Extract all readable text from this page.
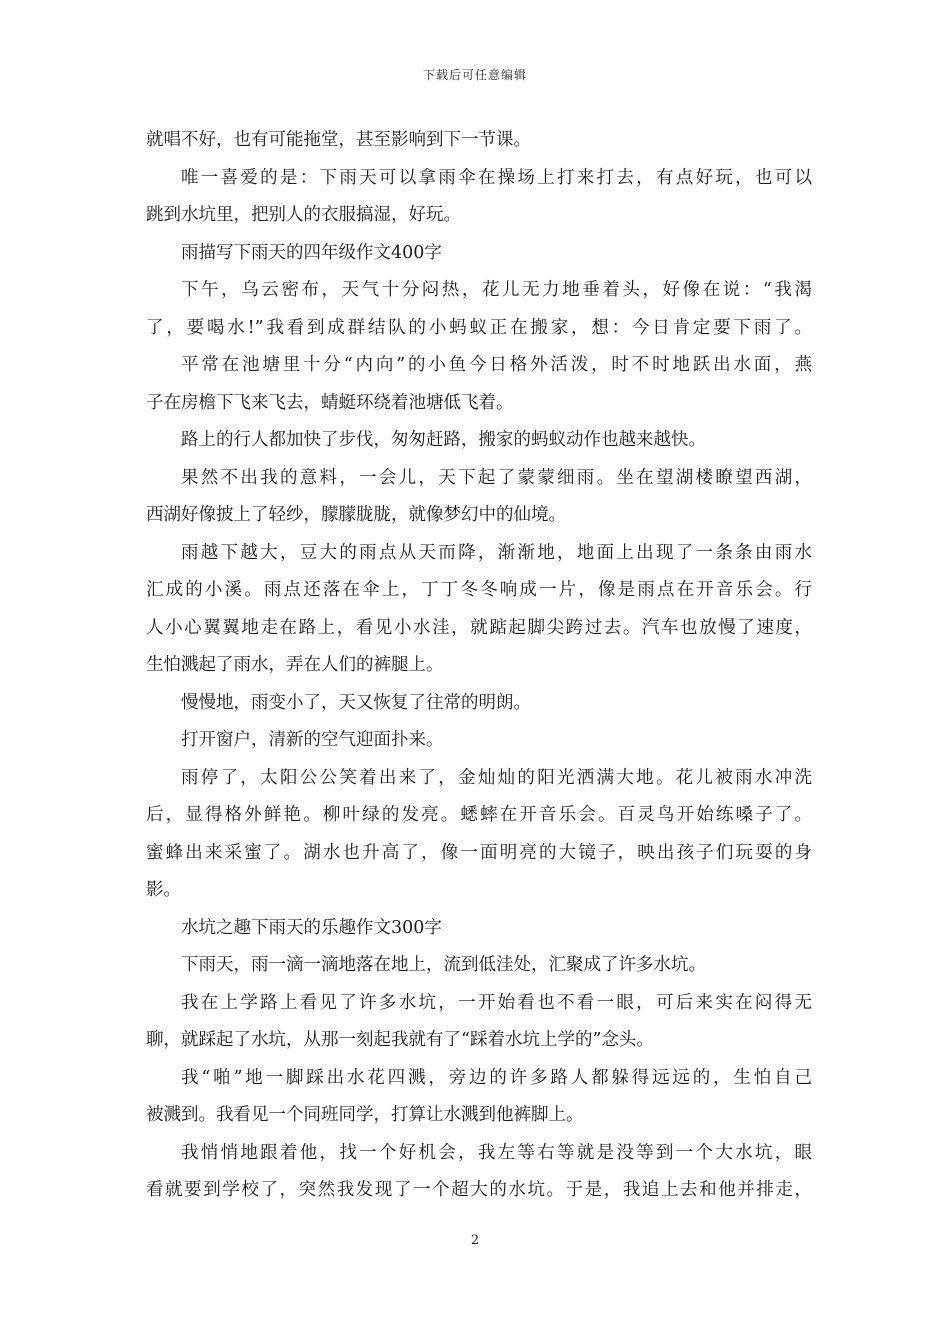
下载后可任意编辑
就唱不好，也有可能拖堂，甚至影响到下一节课。
唯一喜爱的是：下雨天可以拿雨伞在操场上打来打去，有点好玩，也可以
跳到水坑里，把别人的衣服搞湿，好玩。
雨描写下雨天的四年级作文400字
下午，乌云密布，天气十分闷热，花儿无力地垂着头，好像在说：“我渴
了，要喝水!”我看到成群结队的小蚂蚁正在搬家，想：今日肯定要下雨了。
平常在池塘里十分“内向”的小鱼今日格外活泼，时不时地跃出水面，燕
子在房檐下飞来飞去，蜻蜓环绕着池塘低飞着。
路上的行人都加快了步伐，匆匆赶路，搬家的蚂蚁动作也越来越快。
果然不出我的意料，一会儿，天下起了蒙蒙细雨。坐在望湖楼瞭望西湖，
西湖好像披上了轻纱，朦朦胧胧，就像梦幻中的仙境。
雨越下越大，豆大的雨点从天而降，渐渐地，地面上出现了一条条由雨水
汇成的小溪。雨点还落在伞上，丁丁冬冬响成一片，像是雨点在开音乐会。行
人小心翼翼地走在路上，看见小水洼，就踮起脚尖跨过去。汽车也放慢了速度，
生怕溅起了雨水，弄在人们的裤腿上。
慢慢地，雨变小了，天又恢复了往常的明朗。
打开窗户，清新的空气迎面扑来。
雨停了，太阳公公笑着出来了，金灿灿的阳光洒满大地。花儿被雨水冲洗
后，显得格外鲜艳。柳叶绿的发亮。蟋蟀在开音乐会。百灵鸟开始练嗓子了。
蜜蜂出来采蜜了。湖水也升高了，像一面明亮的大镜子，映出孩子们玩耍的身
影。
水坑之趣下雨天的乐趣作文300字
下雨天，雨一滴一滴地落在地上，流到低洼处，汇聚成了许多水坑。
我在上学路上看见了许多水坑，一开始看也不看一眼，可后来实在闷得无
聊，就踩起了水坑，从那一刻起我就有了“踩着水坑上学的”念头。
我“啪”地一脚踩出水花四溅，旁边的许多路人都躲得远远的，生怕自己
被溅到。我看见一个同班同学，打算让水溅到他裤脚上。
我悄悄地跟着他，找一个好机会，我左等右等就是没等到一个大水坑，眼
看就要到学校了，突然我发现了一个超大的水坑。于是，我追上去和他并排走，
2
